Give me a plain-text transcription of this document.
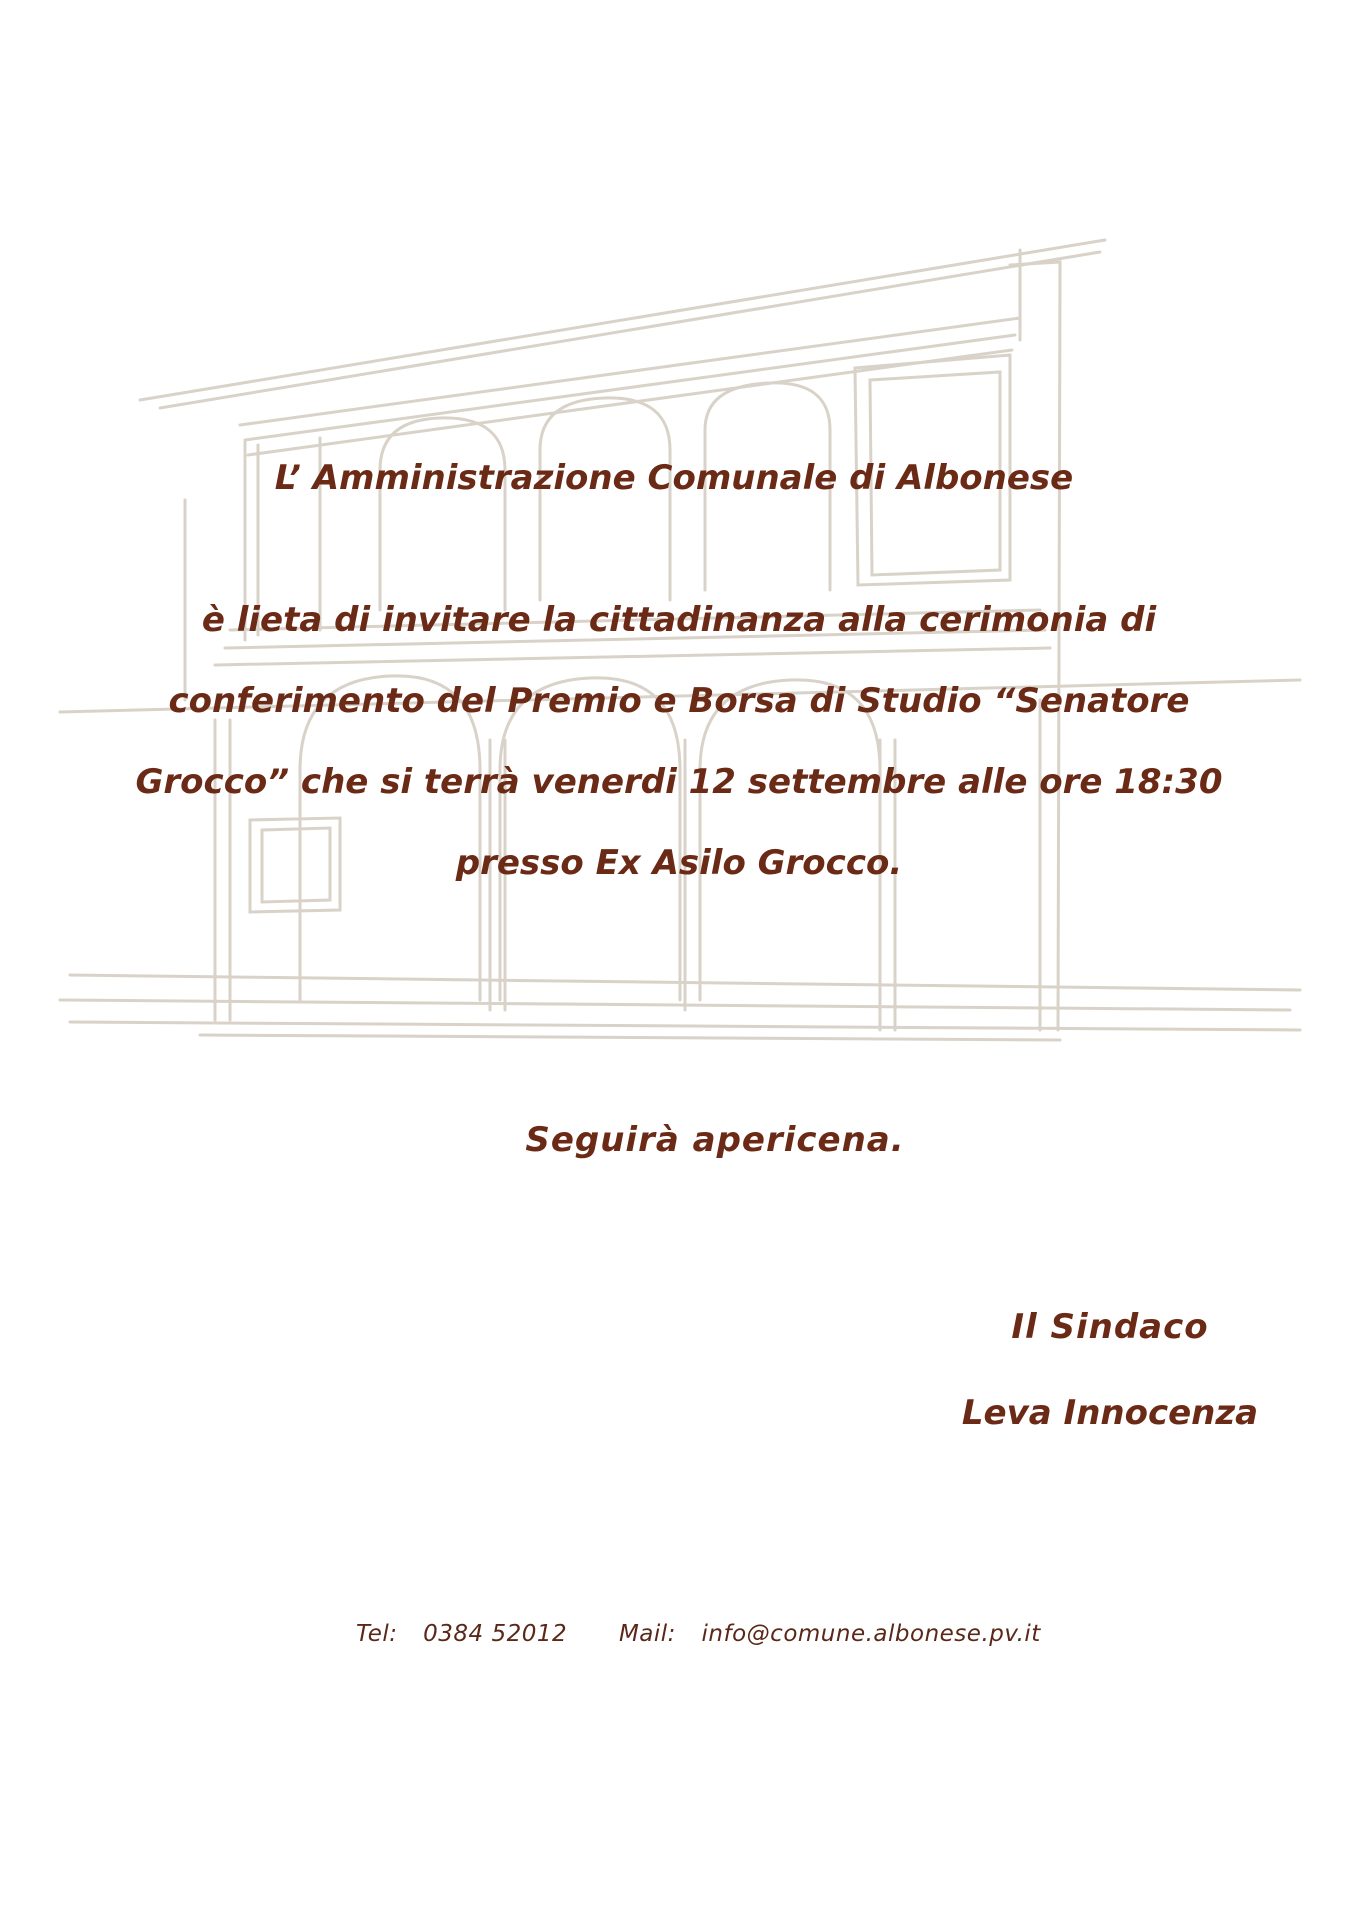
L’ Amministrazione Comunale di Albonese
è lieta di invitare la cittadinanza alla cerimonia di
conferimento del Premio e Borsa di Studio “Senatore
Grocco” che si terrà venerdi 12 settembre alle ore 18:30
presso Ex Asilo Grocco.
Seguirà apericena.
Il Sindaco
Leva Innocenza
Tel: 0384 52012 Mail: info@comune.albonese.pv.it
